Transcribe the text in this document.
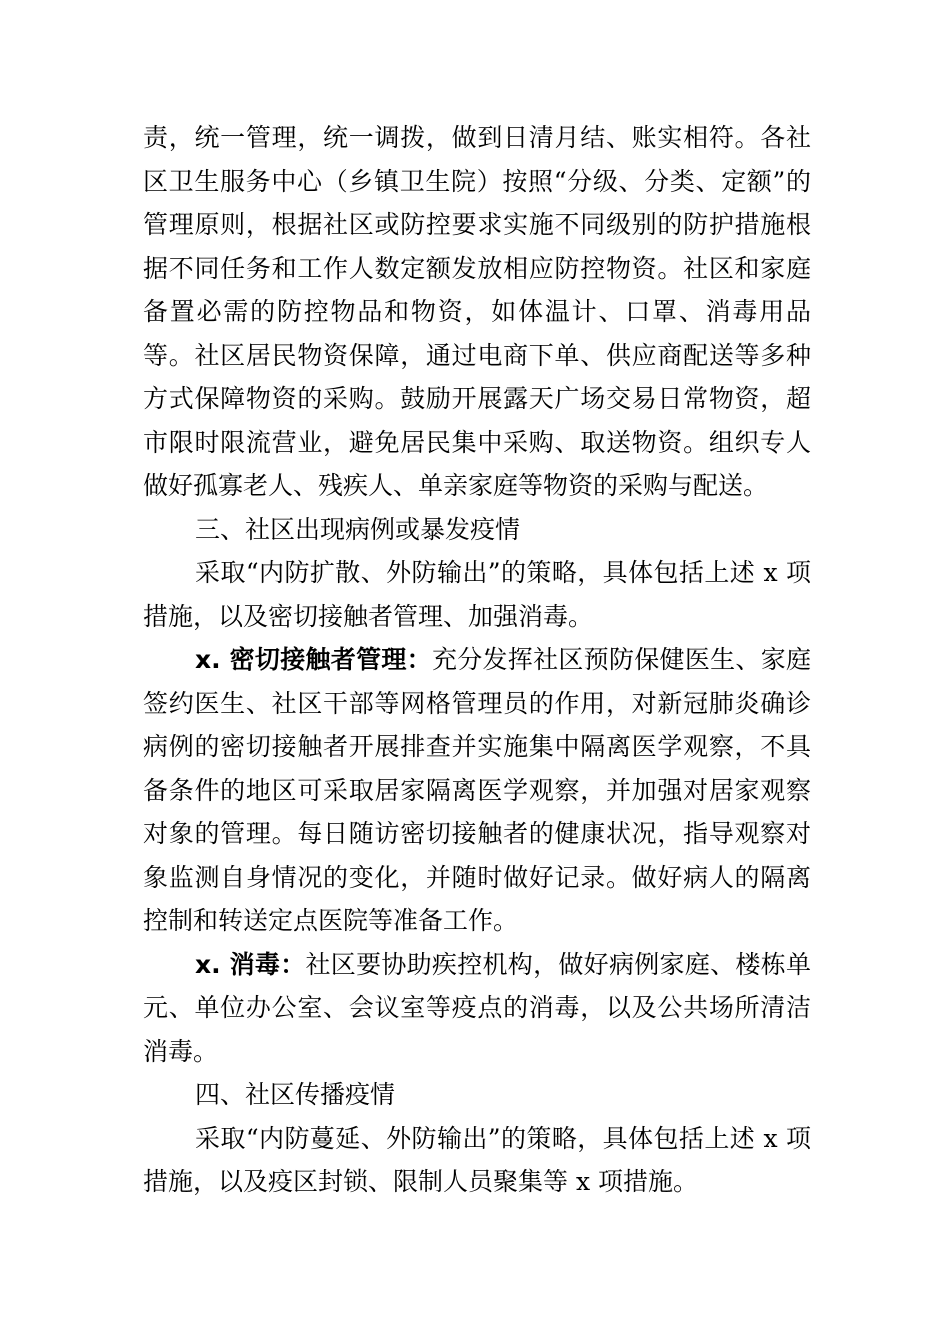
责，统一管理，统一调拨，做到日清月结、账实相符。各社区卫生服务中心（乡镇卫生院）按照“分级、分类、定额”的管理原则，根据社区或防控要求实施不同级别的防护措施根据不同任务和工作人数定额发放相应防控物资。社区和家庭备置必需的防控物品和物资，如体温计、口罩、消毒用品等。社区居民物资保障，通过电商下单、供应商配送等多种方式保障物资的采购。鼓励开展露天广场交易日常物资，超市限时限流营业，避免居民集中采购、取送物资。组织专人做好孤寡老人、残疾人、单亲家庭等物资的采购与配送。

三、社区出现病例或暴发疫情

采取“内防扩散、外防输出”的策略，具体包括上述 x 项措施，以及密切接触者管理、加强消毒。

x. 密切接触者管理：充分发挥社区预防保健医生、家庭签约医生、社区干部等网格管理员的作用，对新冠肺炎确诊病例的密切接触者开展排查并实施集中隔离医学观察，不具备条件的地区可采取居家隔离医学观察，并加强对居家观察对象的管理。每日随访密切接触者的健康状况，指导观察对象监测自身情况的变化，并随时做好记录。做好病人的隔离控制和转送定点医院等准备工作。

x. 消毒：社区要协助疾控机构，做好病例家庭、楼栋单元、单位办公室、会议室等疫点的消毒，以及公共场所清洁消毒。

四、社区传播疫情

采取“内防蔓延、外防输出”的策略，具体包括上述 x 项措施，以及疫区封锁、限制人员聚集等 x 项措施。
